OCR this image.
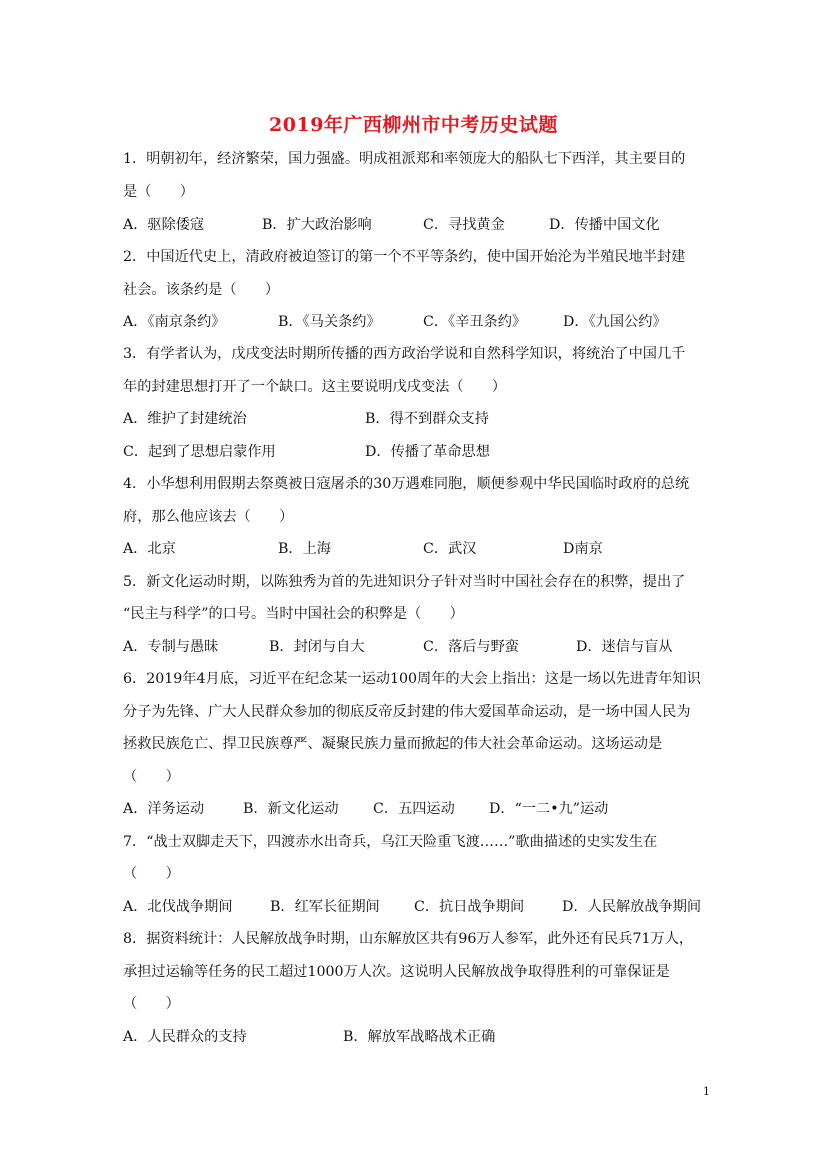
2019年广西柳州市中考历史试题
1．明朝初年，经济繁荣，国力强盛。明成祖派郑和率领庞大的船队七下西洋，其主要目的
是（　　）
A．驱除倭寇	B．扩大政治影响	C．寻找黄金	D．传播中国文化
2．中国近代史上，清政府被迫签订的第一个不平等条约，使中国开始沦为半殖民地半封建
社会。该条约是（　　）
A．《南京条约》	B．《马关条约》	C．《辛丑条约》	D．《九国公约》
3．有学者认为，戊戌变法时期所传播的西方政治学说和自然科学知识，将统治了中国几千
年的封建思想打开了一个缺口。这主要说明戊戌变法（　　）
A．维护了封建统治	B．得不到群众支持
C．起到了思想启蒙作用	D．传播了革命思想
4．小华想利用假期去祭奠被日寇屠杀的30万遇难同胞，顺便参观中华民国临时政府的总统
府，那么他应该去（　　）
A．北京	B．上海	C．武汉	D南京
5．新文化运动时期，以陈独秀为首的先进知识分子针对当时中国社会存在的积弊，提出了
“民主与科学”的口号。当时中国社会的积弊是（　　）
A．专制与愚昧	B．封闭与自大	C．落后与野蛮	D．迷信与盲从
6．2019年4月底，习近平在纪念某一运动100周年的大会上指出：这是一场以先进青年知识
分子为先锋、广大人民群众参加的彻底反帝反封建的伟大爱国革命运动，是一场中国人民为
拯救民族危亡、捍卫民族尊严、凝聚民族力量而掀起的伟大社会革命运动。这场运动是
（　　）
A．洋务运动	B．新文化运动 C．五四运动 D．“一二•九”运动
7．“战士双脚走天下，四渡赤水出奇兵，乌江天险重飞渡……”歌曲描述的史实发生在
（　　）
A．北伐战争期间	B．红军长征期间 C．抗日战争期间	D．人民解放战争期间
8．据资料统计：人民解放战争时期，山东解放区共有96万人参军，此外还有民兵71万人，
承担过运输等任务的民工超过1000万人次。这说明人民解放战争取得胜利的可靠保证是
（　　）
A．人民群众的支持	B．解放军战略战术正确
1
